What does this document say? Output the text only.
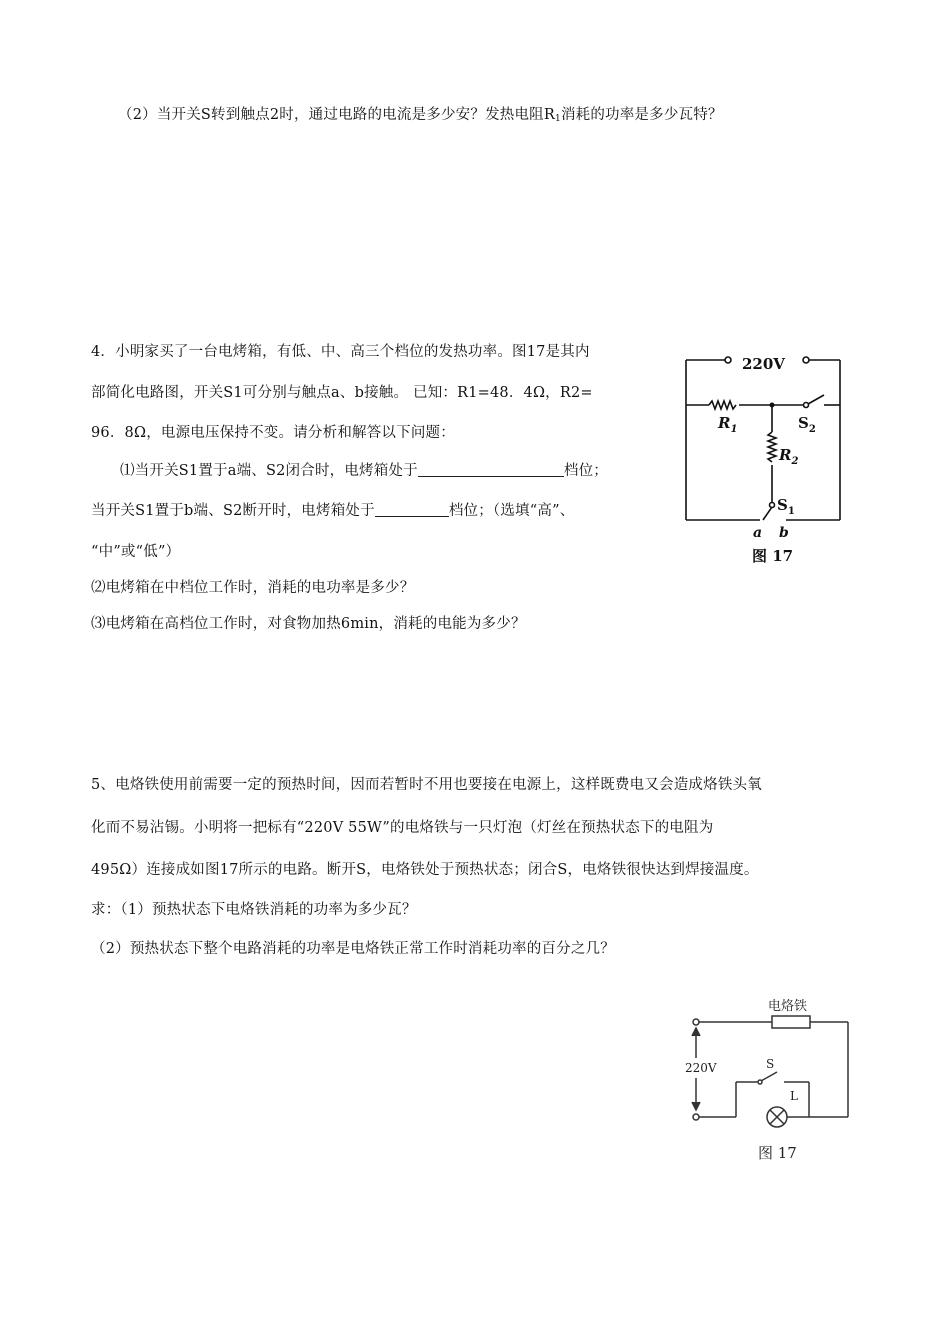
（2）当开关S转到触点2时，通过电路的电流是多少安？发热电阻$R_1$消耗的功率是多少瓦特？
4．小明家买了一台电烤箱，有低、中、高三个档位的发热功率。图17是其内
部简化电路图，开关S1可分别与触点a、b接触。 已知：R1=48．4Ω，R2=
96．8Ω，电源电压保持不变。请分析和解答以下问题：
⑴当开关S1置于a端、S2闭合时，电烤箱处于	档位；
当开关S1置于b端、S2断开时，电烤箱处于	档位；（选填“高”、
“中”或“低”）
⑵电烤箱在中档位工作时，消耗的电功率是多少？
⑶电烤箱在高档位工作时，对食物加热6min，消耗的电能为多少？
220V
$R_1$
$R_2$
$S_2$
$S_1$
a b
图 17
5、电烙铁使用前需要一定的预热时间，因而若暂时不用也要接在电源上，这样既费电又会造成烙铁头氧
化而不易沾锡。小明将一把标有“220V 55W”的电烙铁与一只灯泡（灯丝在预热状态下的电阻为
495Ω）连接成如图17所示的电路。断开S，电烙铁处于预热状态；闭合S，电烙铁很快达到焊接温度。
求：（1）预热状态下电烙铁消耗的功率为多少瓦？
（2）预热状态下整个电路消耗的功率是电烙铁正常工作时消耗功率的百分之几？
电烙铁
220V	S
L
图 17
